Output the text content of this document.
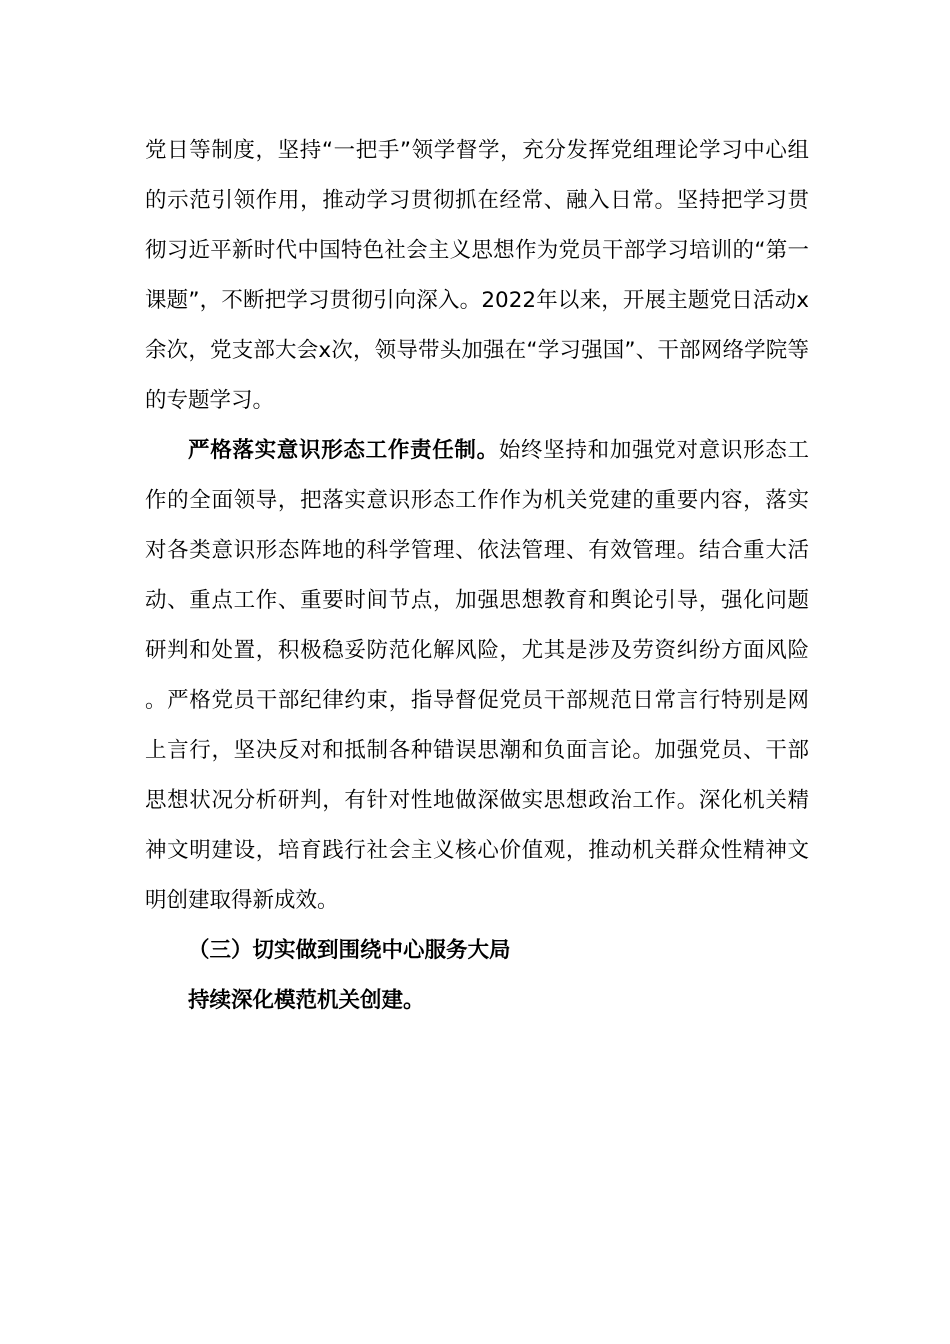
党日等制度，坚持“一把手”领学督学，充分发挥党组理论学习中心组的示范引领作用，推动学习贯彻抓在经常、融入日常。坚持把学习贯彻习近平新时代中国特色社会主义思想作为党员干部学习培训的“第一课题”，不断把学习贯彻引向深入。2022年以来，开展主题党日活动x余次，党支部大会x次，领导带头加强在“学习强国”、干部网络学院等的专题学习。

严格落实意识形态工作责任制。始终坚持和加强党对意识形态工作的全面领导，把落实意识形态工作作为机关党建的重要内容，落实对各类意识形态阵地的科学管理、依法管理、有效管理。结合重大活动、重点工作、重要时间节点，加强思想教育和舆论引导，强化问题研判和处置，积极稳妥防范化解风险，尤其是涉及劳资纠纷方面风险。严格党员干部纪律约束，指导督促党员干部规范日常言行特别是网上言行，坚决反对和抵制各种错误思潮和负面言论。加强党员、干部思想状况分析研判，有针对性地做深做实思想政治工作。深化机关精神文明建设，培育践行社会主义核心价值观，推动机关群众性精神文明创建取得新成效。

（三）切实做到围绕中心服务大局

持续深化模范机关创建。
